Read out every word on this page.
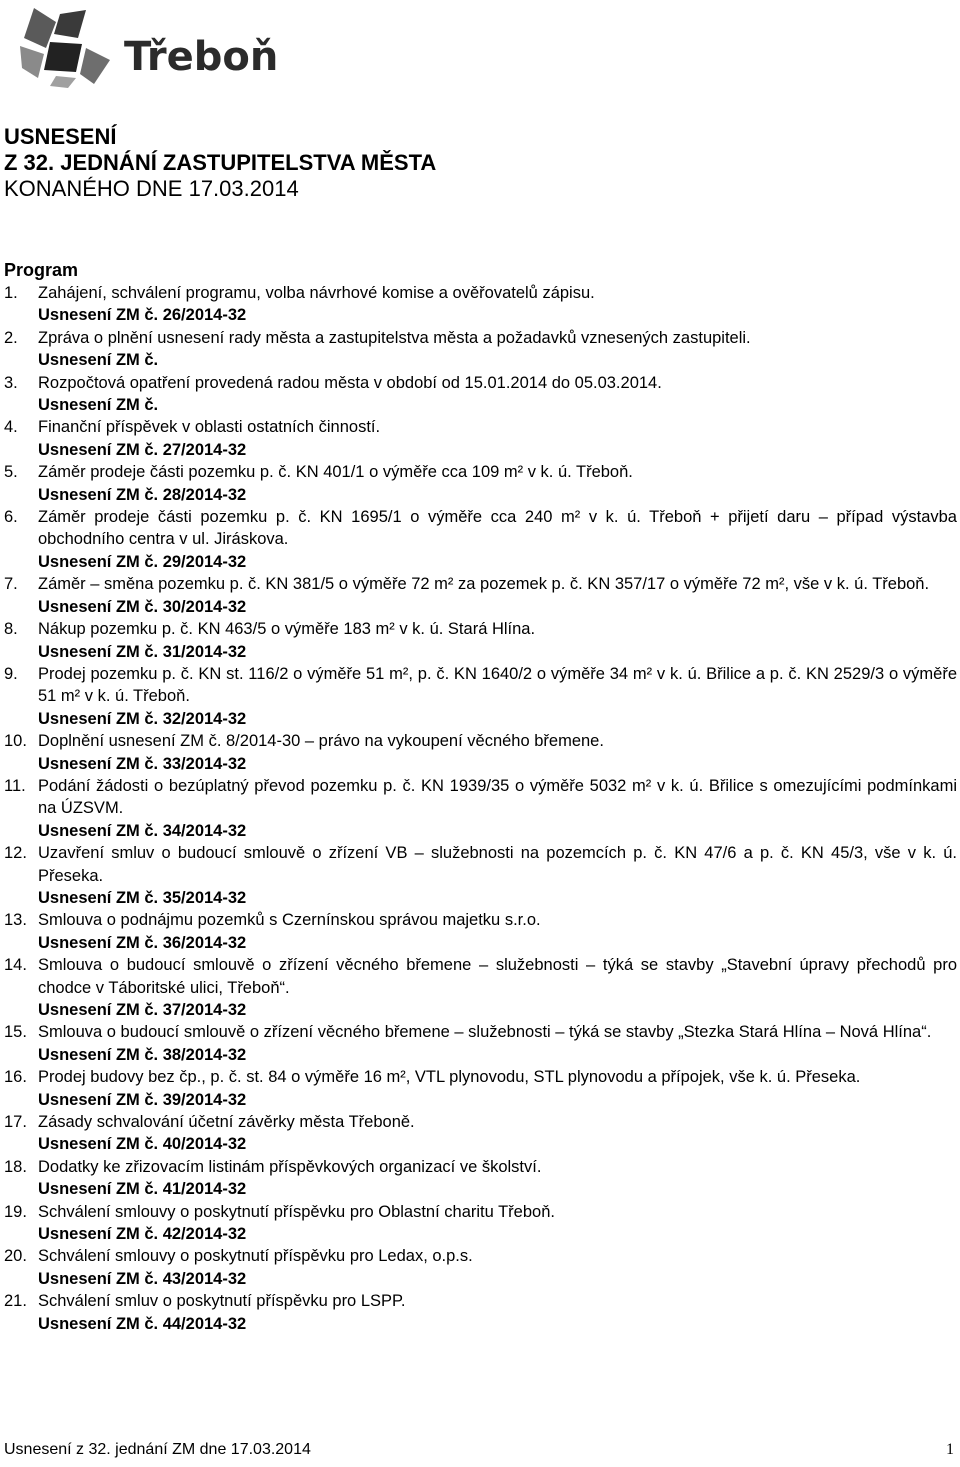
Třeboň

USNESENÍ

Z 32. JEDNÁNÍ ZASTUPITELSTVA MĚSTA

KONANÉHO DNE 17.03.2014

Program

1. Zahájení, schválení programu, volba návrhové komise a ověřovatelů zápisu.

Usnesení ZM č. 26/2014-32

2. Zpráva o plnění usnesení rady města a zastupitelstva města a požadavků vznesených zastupiteli.

Usnesení ZM č.

3. Rozpočtová opatření provedená radou města v období od 15.01.2014 do 05.03.2014.

Usnesení ZM č.

4. Finanční příspěvek v oblasti ostatních činností.

Usnesení ZM č. 27/2014-32

5. Záměr prodeje části pozemku p. č. KN 401/1 o výměře cca 109 m² v k. ú. Třeboň.

Usnesení ZM č. 28/2014-32

6. Záměr prodeje části pozemku p. č. KN 1695/1 o výměře cca 240 m² v k. ú. Třeboň + přijetí daru – případ výstavba obchodního centra v ul. Jiráskova.

Usnesení ZM č. 29/2014-32

7. Záměr – směna pozemku p. č. KN 381/5 o výměře 72 m² za pozemek p. č. KN 357/17 o výměře 72 m², vše v k. ú. Třeboň.

Usnesení ZM č. 30/2014-32

8. Nákup pozemku p. č. KN 463/5 o výměře 183 m² v k. ú. Stará Hlína.

Usnesení ZM č. 31/2014-32

9. Prodej pozemku p. č. KN st. 116/2 o výměře 51 m², p. č. KN 1640/2 o výměře 34 m² v k. ú. Břilice a p. č. KN 2529/3 o výměře 51 m² v k. ú. Třeboň.

Usnesení ZM č. 32/2014-32

10. Doplnění usnesení ZM č. 8/2014-30 – právo na vykoupení věcného břemene.

Usnesení ZM č. 33/2014-32

11. Podání žádosti o bezúplatný převod pozemku p. č. KN 1939/35 o výměře 5032 m² v k. ú. Břilice s omezujícími podmínkami na ÚZSVM.

Usnesení ZM č. 34/2014-32

12. Uzavření smluv o budoucí smlouvě o zřízení VB – služebnosti na pozemcích p. č. KN 47/6 a p. č. KN 45/3, vše v k. ú. Přeseka.

Usnesení ZM č. 35/2014-32

13. Smlouva o podnájmu pozemků s Czernínskou správou majetku s.r.o.

Usnesení ZM č. 36/2014-32

14. Smlouva o budoucí smlouvě o zřízení věcného břemene – služebnosti – týká se stavby „Stavební úpravy přechodů pro chodce v Táboritské ulici, Třeboň“.

Usnesení ZM č. 37/2014-32

15. Smlouva o budoucí smlouvě o zřízení věcného břemene – služebnosti – týká se stavby „Stezka Stará Hlína – Nová Hlína“.

Usnesení ZM č. 38/2014-32

16. Prodej budovy bez čp., p. č. st. 84 o výměře 16 m², VTL plynovodu, STL plynovodu a přípojek, vše k. ú. Přeseka.

Usnesení ZM č. 39/2014-32

17. Zásady schvalování účetní závěrky města Třeboně.

Usnesení ZM č. 40/2014-32

18. Dodatky ke zřizovacím listinám příspěvkových organizací ve školství.

Usnesení ZM č. 41/2014-32

19. Schválení smlouvy o poskytnutí příspěvku pro Oblastní charitu Třeboň.

Usnesení ZM č. 42/2014-32

20. Schválení smlouvy o poskytnutí příspěvku pro Ledax, o.p.s.

Usnesení ZM č. 43/2014-32

21. Schválení smluv o poskytnutí příspěvku pro LSPP.

Usnesení ZM č. 44/2014-32

Usnesení z 32. jednání ZM dne 17.03.2014	1
